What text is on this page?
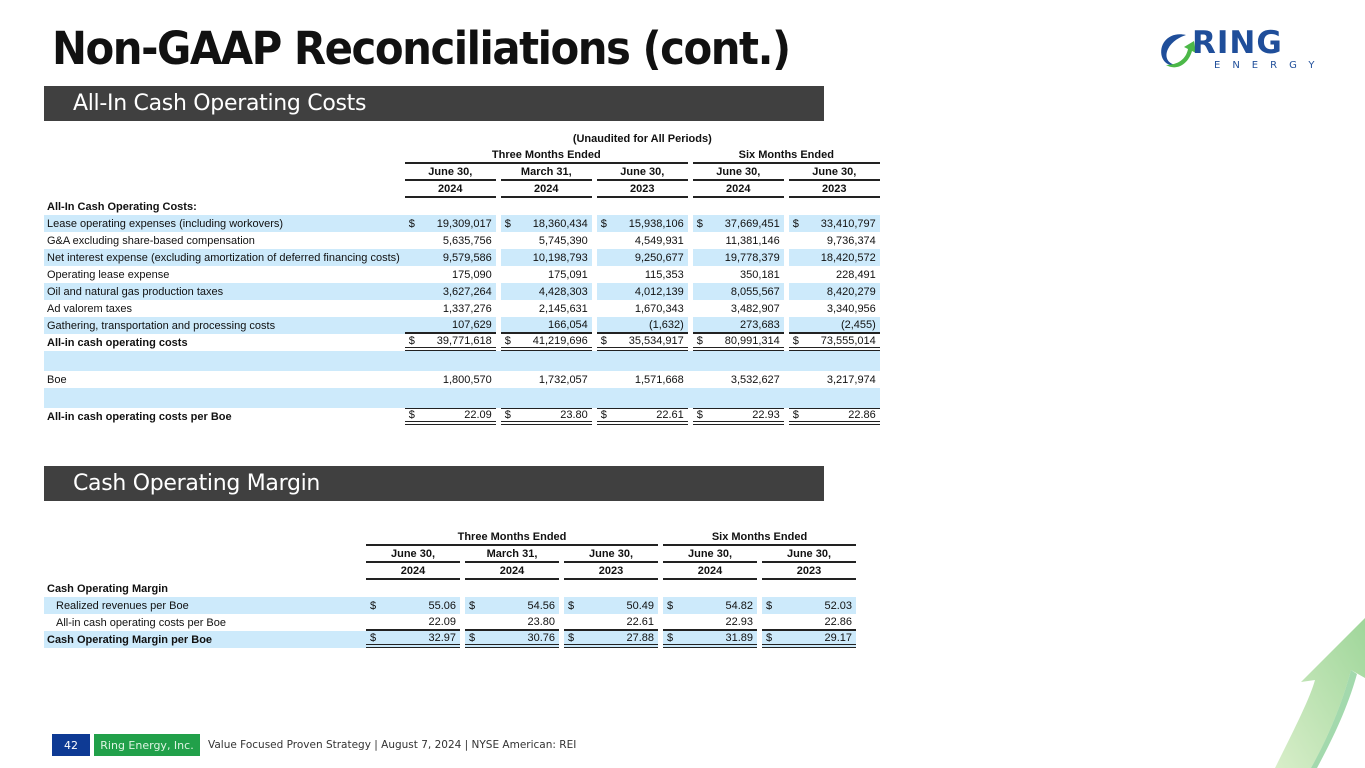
Non-GAAP Reconciliations (cont.)	RING
ENERGY
All-In Cash Operating Costs
		(Unaudited for All Periods)													
		Three Months Ended									Six Months Ended				
		June 30,			March 31,			June 30,			June 30,			June 30,	
		2024			2024			2023			2024			2023	
All-In Cash Operating Costs:															
Lease operating expenses (including workovers)		$	19,309,017		$	18,360,434		$	15,938,106		$	37,669,451		$	33,410,797
G&A excluding share-based compensation			5,635,756			5,745,390			4,549,931			11,381,146			9,736,374
Net interest expense (excluding amortization of deferred financing costs)			9,579,586			10,198,793			9,250,677			19,778,379			18,420,572
Operating lease expense			175,090			175,091			115,353			350,181			228,491
Oil and natural gas production taxes			3,627,264			4,428,303			4,012,139			8,055,567			8,420,279
Ad valorem taxes			1,337,276			2,145,631			1,670,343			3,482,907			3,340,956
Gathering, transportation and processing costs			107,629			166,054			(1,632)			273,683			(2,455)
All-in cash operating costs		$	39,771,618		$	41,219,696		$	35,534,917		$	80,991,314		$	73,555,014

Boe			1,800,570			1,732,057			1,571,668			3,532,627			3,217,974

All-in cash operating costs per Boe		$	22.09		$	23.80		$	22.61		$	22.93		$	22.86
Cash Operating Margin
		Three Months Ended									Six Months Ended				
		June 30,			March 31,			June 30,			June 30,			June 30,	
		2024			2024			2023			2024			2023	
Cash Operating Margin															
Realized revenues per Boe		$	55.06		$	54.56		$	50.49		$	54.82		$	52.03
All-in cash operating costs per Boe			22.09			23.80			22.61			22.93			22.86
Cash Operating Margin per Boe		$	32.97		$	30.76		$	27.88		$	31.89		$	29.17
42	Ring Energy, Inc.	Value Focused Proven Strategy | August 7, 2024 | NYSE American: REI
